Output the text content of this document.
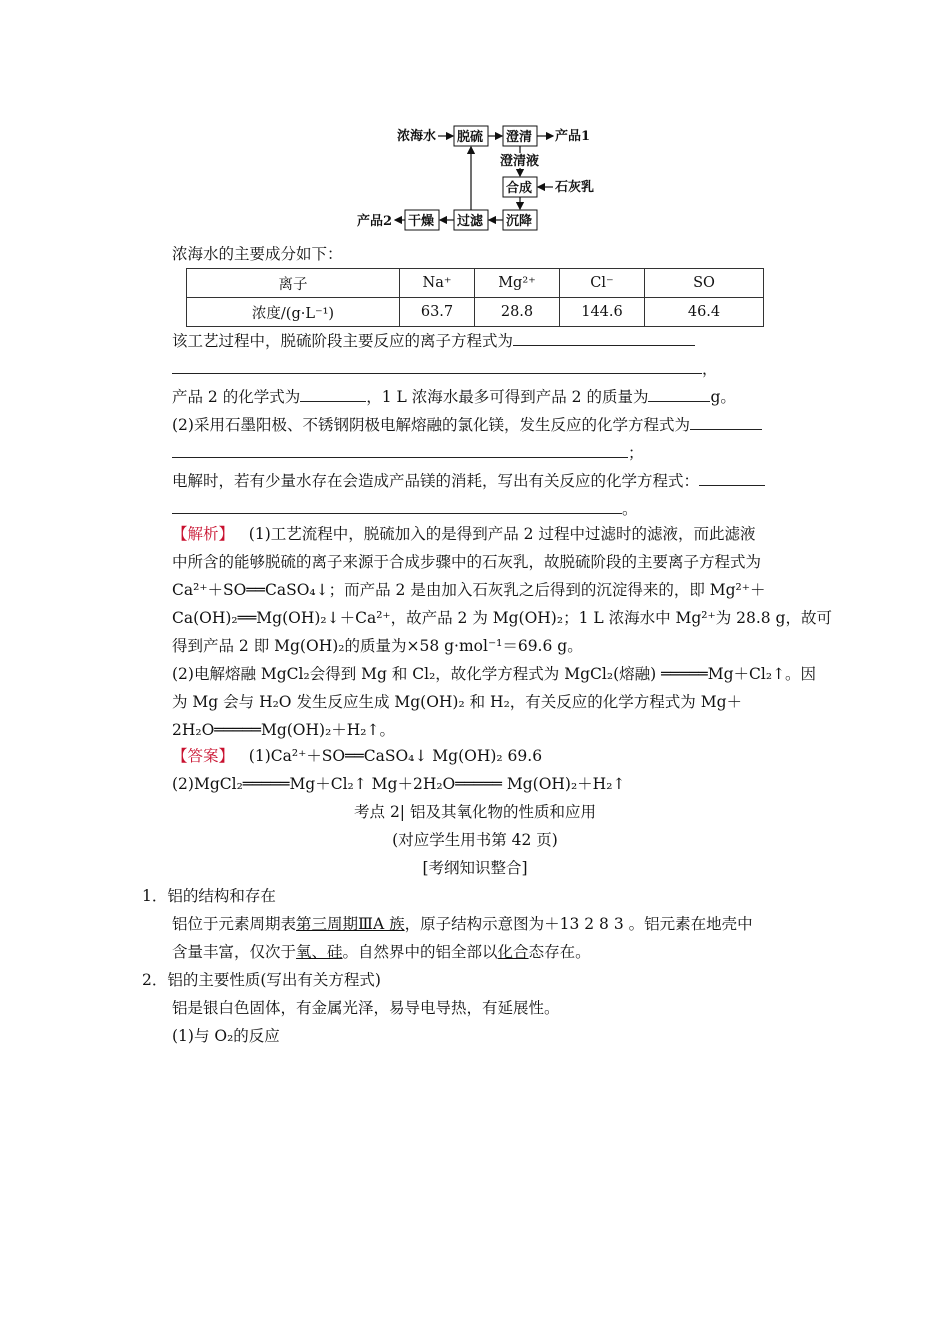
浓海水 脱硫 澄清 产品1
澄清液
合成 石灰乳
沉降
过滤
干燥
产品2
浓海水的主要成分如下：
离子	Na⁺	Mg²⁺	Cl⁻	SO
浓度/(g·L⁻¹)	63.7	28.8	144.6	46.4
该工艺过程中，脱硫阶段主要反应的离子方程式为
，
产品 2 的化学式为	，1 L 浓海水最多可得到产品 2 的质量为	g。
(2)采用石墨阳极、不锈钢阴极电解熔融的氯化镁，发生反应的化学方程式为
；
电解时，若有少量水存在会造成产品镁的消耗，写出有关反应的化学方程式：
。
【解析】 (1)工艺流程中，脱硫加入的是得到产品 2 过程中过滤时的滤液，而此滤液
中所含的能够脱硫的离子来源于合成步骤中的石灰乳，故脱硫阶段的主要离子方程式为
Ca²⁺＋SO══CaSO₄↓；而产品 2 是由加入石灰乳之后得到的沉淀得来的，即 Mg²⁺＋
Ca(OH)₂══Mg(OH)₂↓＋Ca²⁺，故产品 2 为 Mg(OH)₂；1 L 浓海水中 Mg²⁺为 28.8 g，故可
得到产品 2 即 Mg(OH)₂的质量为×58 g·mol⁻¹＝69.6 g。
(2)电解熔融 MgCl₂会得到 Mg 和 Cl₂，故化学方程式为 MgCl₂(熔融) ═════Mg＋Cl₂↑。因
为 Mg 会与 H₂O 发生反应生成 Mg(OH)₂ 和 H₂，有关反应的化学方程式为 Mg＋
2H₂O═════Mg(OH)₂＋H₂↑。
【答案】 (1)Ca²⁺＋SO══CaSO₄↓ Mg(OH)₂ 69.6
(2)MgCl₂═════Mg＋Cl₂↑ Mg＋2H₂O═════ Mg(OH)₂＋H₂↑
考点 2| 铝及其氧化物的性质和应用
(对应学生用书第 42 页)
[考纲知识整合]
1．铝的结构和存在
铝位于元素周期表第三周期ⅢA 族，原子结构示意图为＋13 2 8 3 。铝元素在地壳中
含量丰富，仅次于氧、硅。自然界中的铝全部以化合态存在。
2．铝的主要性质(写出有关方程式)
铝是银白色固体，有金属光泽，易导电导热，有延展性。
(1)与 O₂的反应
